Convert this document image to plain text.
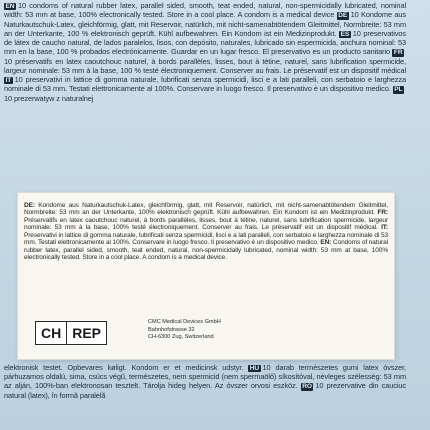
EN 10 condoms of natural rubber latex, parallel sided, smooth, teat ended, natural, non-spermicidally lubricated, nominal width: 53 mm at base, 100% electronically tested. Store in a cool place. A condom is a medical device DE 10 Kondome aus Naturkautschuk-Latex, gleichförmig, glatt, mit Reservoir, natürlich, mit nicht-samenabtötendem Gleitmittel, Normbreite: 53 mm an der Unterkante, 100 % elektronisch geprüft. Kühl aufbewahren. Ein Kondom ist ein Medizinprodukt. ES 10 preservativos de látex de caucho natural, de lados paralelos, lisos, con depósito, naturales, lubricado sin espermicida, anchura nominal: 53 mm en la base, 100 % probados electrónicamente. Guardar en un lugar fresco. El preservativo es un producto sanitario FR10 préservatifs en latex caoutchouc naturel, à bords parallèles, lisses, bout à tétine, naturel, sans lubrification spermicide, largeur nominale: 53 mm à la base, 100 % testé électroniquement. Conserver au frais. Le préservatif est un dispositif médical IT 10 preservativi in lattice di gomma naturale, lubrificati senza spermicidi, lisci e a lati paralleli, con serbatoio e larghezza nominale di 53 mm. Testati elettronicamente al 100%. Conservare in luogo fresco. Il preservativo è un dispositivo medico. PL10 prezerwatyw z naturalnej
DE: Kondome aus Naturkautschuk-Latex, gleichförmig, glatt, mit Reservoir, natürlich, mit nicht-samenabtötendem Gleitmittel, Normbreite: 53 mm an der Unterkante, 100% elektronisch geprüft. Kühl aufbewahren. Ein Kondom ist ein Medizinprodukt. FR: Préservatifs en latex caoutchouc naturel, à bords parallèles, lisses, bout à tétine, naturel, sans lubrification spermicide, largeur nominale: 53 mm à la base, 100% testé électroniquement. Conserver au frais. Le préservatif est un dispositif médical. IT: Preservativi in lattice di gomma naturale, lubrificati senza spermicidi, lisci e a lati paralleli, con serbatoio e larghezza nominale di 53 mm. Testati elettronicamente al 100%. Conservare in luogo fresco. Il preservativo è un dispositivo medico. EN: Condoms of natural rubber latex, parallel sided, smooth, teat ended, natural, non-spermicidally lubricated, nominal width: 53 mm at base, 100% electronically tested. Store in a cool place. A condom is a medical device.
CH REP
CMC Medical Devices GmbH
Bahnhofstrasse 32
CH-6300 Zug, Switzerland
elektronisk testet. Opbevares køligt. Kondom er et medicinsk udstyr. HU 10 darab természetes gumi latex óvszer, párhuzamos oldalú, sima, csúcs végű, természetes, nem spermicid (nem spermaölő) síkosítóval, névleges szélesség: 53 mm az alján, 100%-ban elektronosan tesztelt. Tárolja hideg helyen. Az óvszer orvosi eszköz. RO 10 prezervative din cauciuc natural (latex), în formă paralelă
